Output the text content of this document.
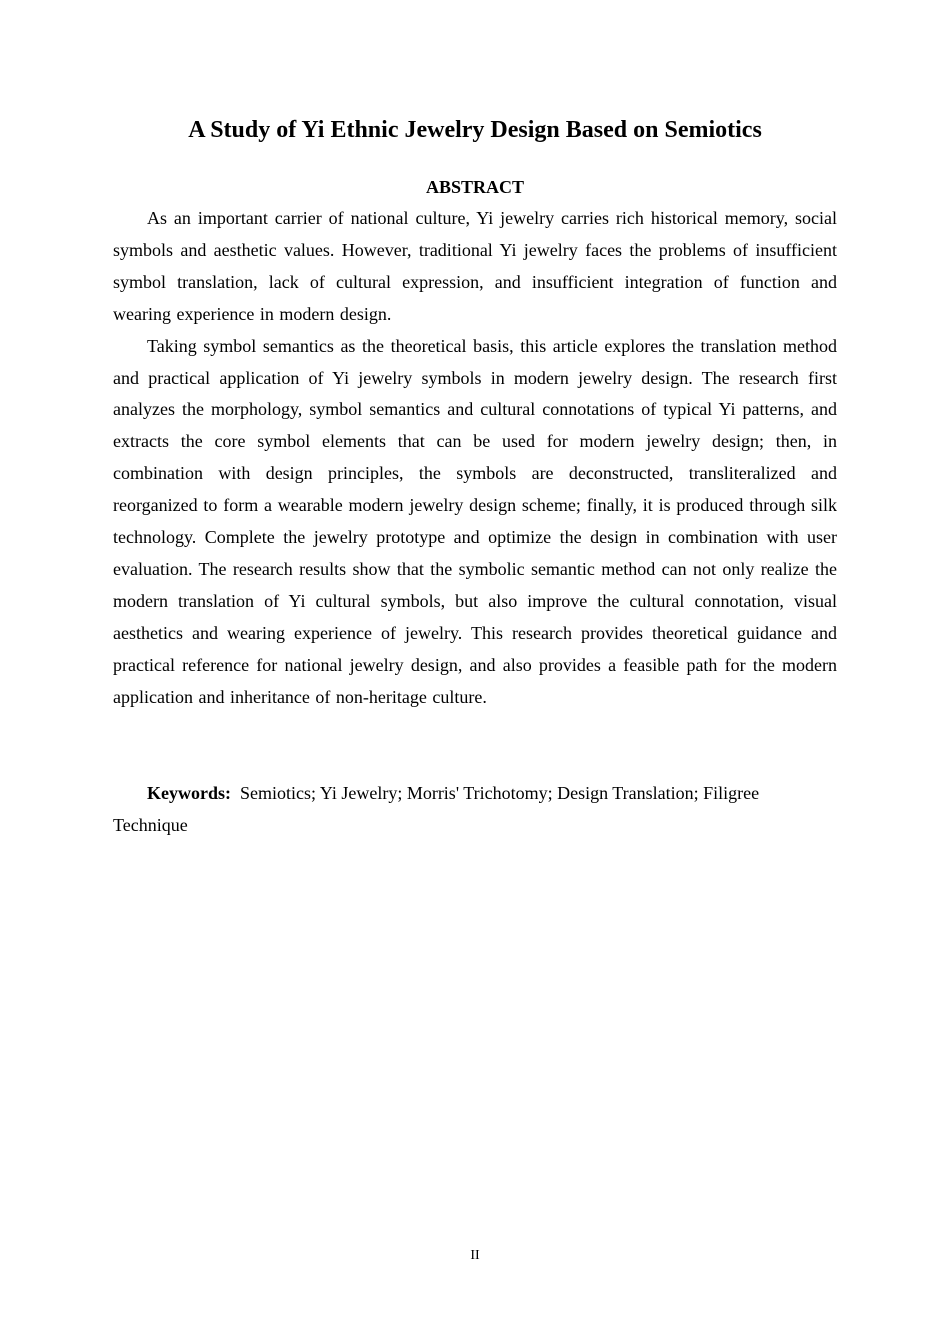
A Study of Yi Ethnic Jewelry Design Based on Semiotics
ABSTRACT

As an important carrier of national culture, Yi jewelry carries rich historical memory, social symbols and aesthetic values. However, traditional Yi jewelry faces the problems of insufficient symbol translation, lack of cultural expression, and insufficient integration of function and wearing experience in modern design.

Taking symbol semantics as the theoretical basis, this article explores the translation method and practical application of Yi jewelry symbols in modern jewelry design. The research first analyzes the morphology, symbol semantics and cultural connotations of typical Yi patterns, and extracts the core symbol elements that can be used for modern jewelry design; then, in combination with design principles, the symbols are deconstructed, transliteralized and reorganized to form a wearable modern jewelry design scheme; finally, it is produced through silk technology. Complete the jewelry prototype and optimize the design in combination with user evaluation. The research results show that the symbolic semantic method can not only realize the modern translation of Yi cultural symbols, but also improve the cultural connotation, visual aesthetics and wearing experience of jewelry. This research provides theoretical guidance and practical reference for national jewelry design, and also provides a feasible path for the modern application and inheritance of non-heritage culture.

Keywords: Semiotics; Yi Jewelry; Morris' Trichotomy; Design Translation; Filigree Technique

II
